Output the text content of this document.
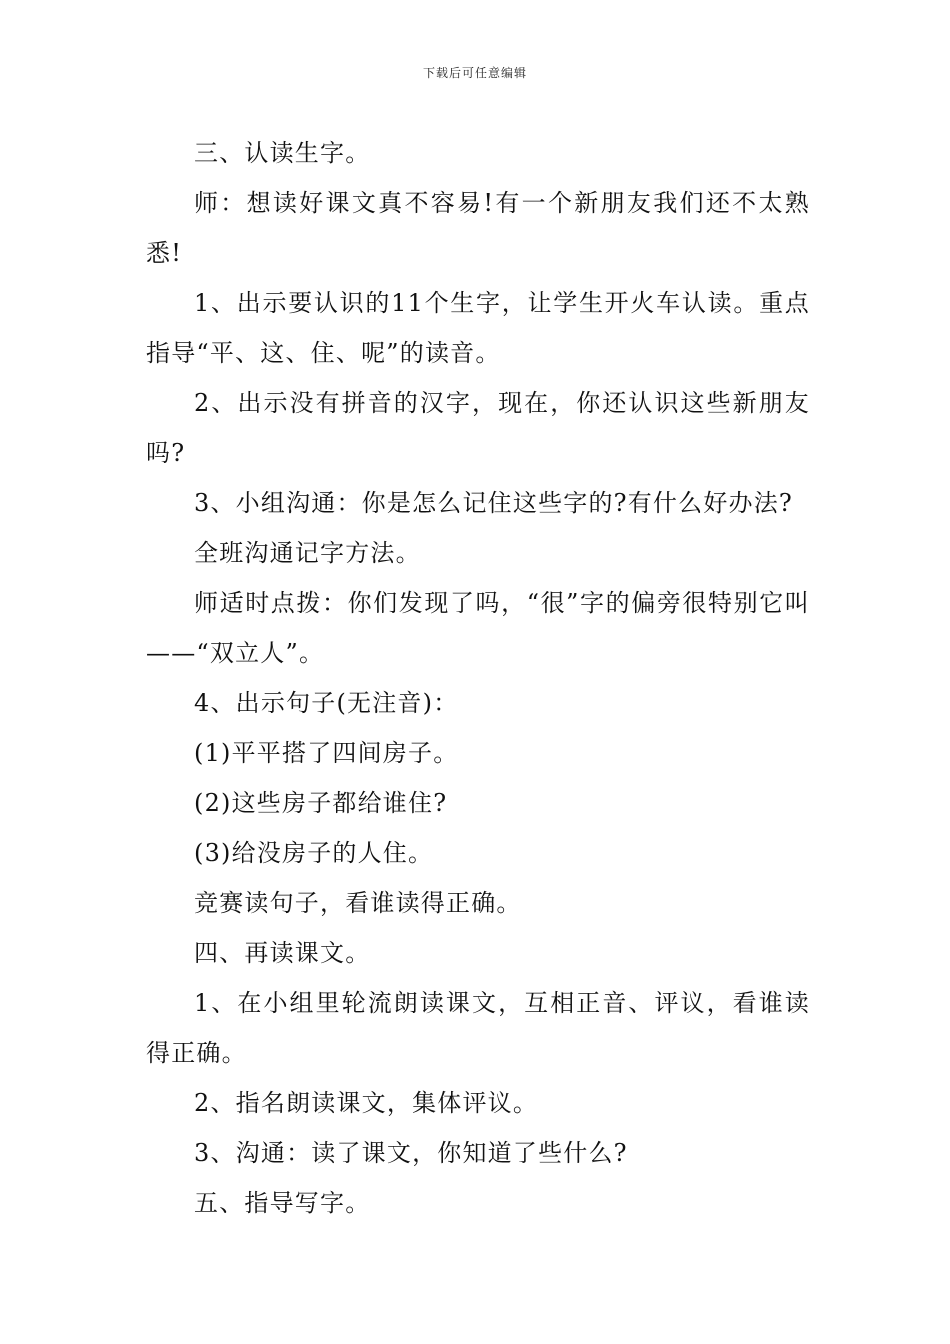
下载后可任意编辑

三、认读生字。

师：想读好课文真不容易!有一个新朋友我们还不太熟悉!

1、出示要认识的11个生字，让学生开火车认读。重点指导“平、这、住、呢”的读音。

2、出示没有拼音的汉字，现在，你还认识这些新朋友吗?

3、小组沟通：你是怎么记住这些字的?有什么好办法?

全班沟通记字方法。

师适时点拨：你们发现了吗，“很”字的偏旁很特别它叫——“双立人”。

4、出示句子(无注音)：

(1)平平搭了四间房子。

(2)这些房子都给谁住?

(3)给没房子的人住。

竞赛读句子，看谁读得正确。

四、再读课文。

1、在小组里轮流朗读课文，互相正音、评议，看谁读得正确。

2、指名朗读课文，集体评议。

3、沟通：读了课文，你知道了些什么?

五、指导写字。
